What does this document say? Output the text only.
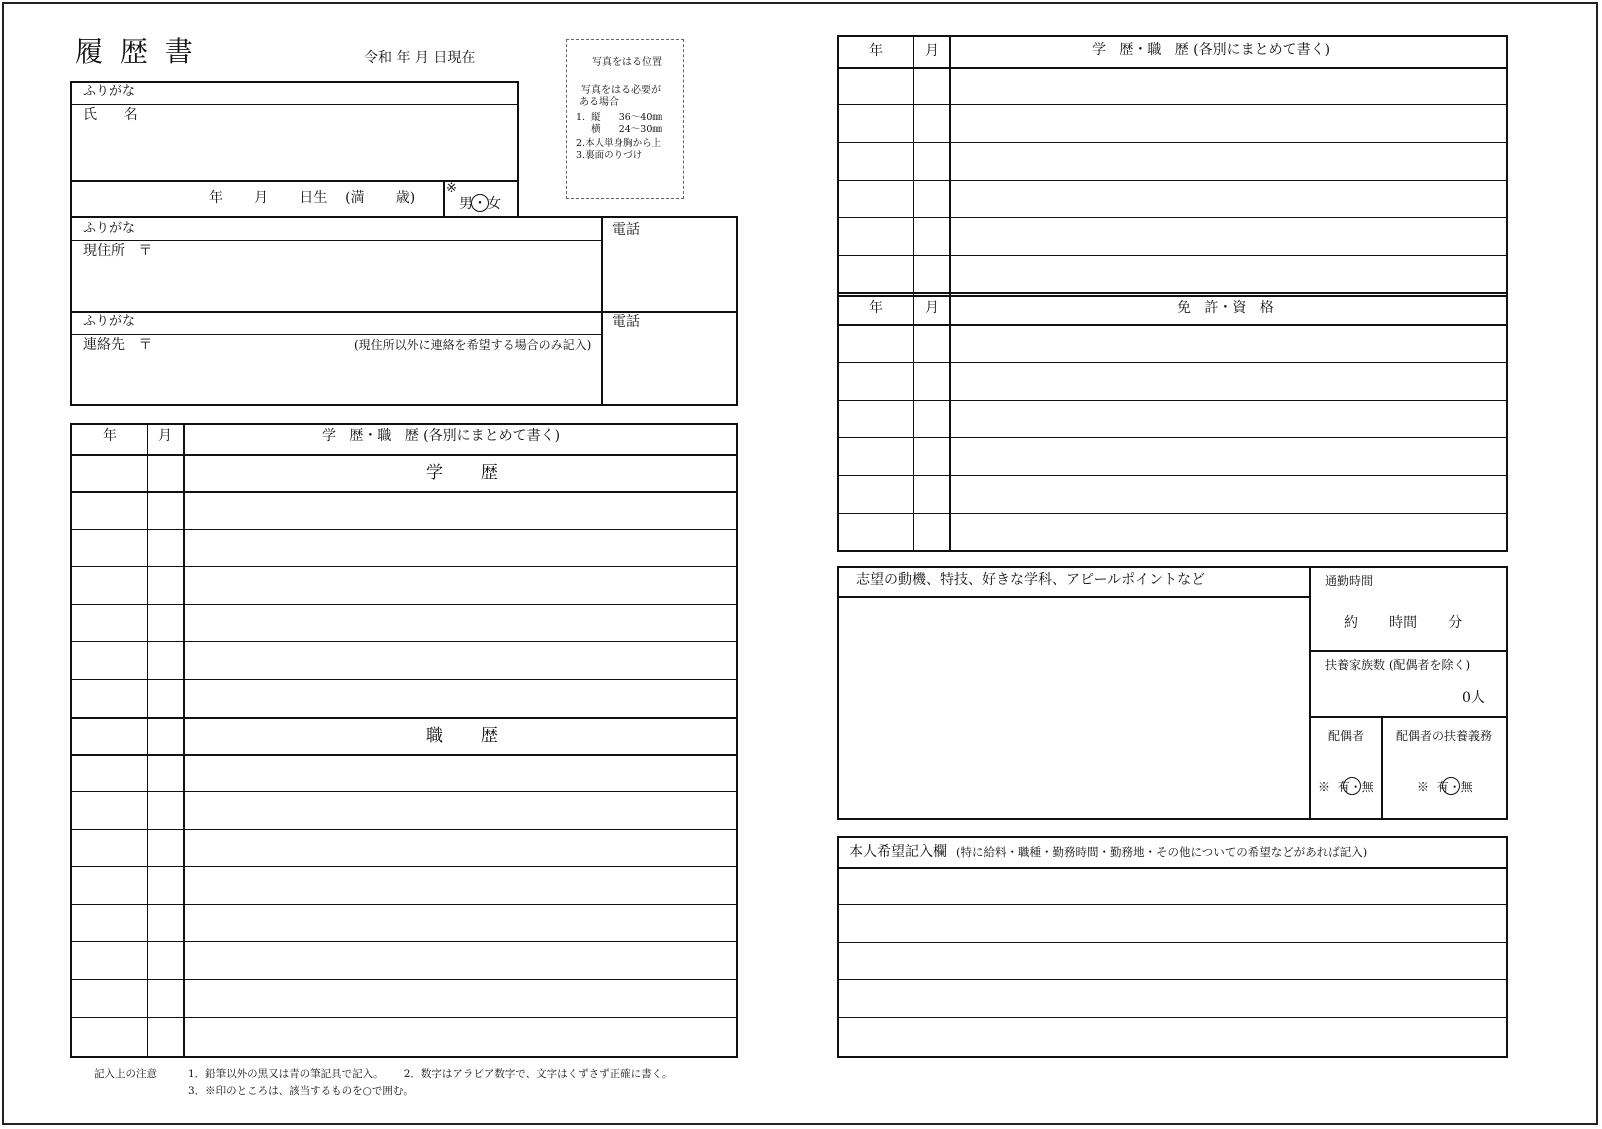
履 歴 書	令和 年 月 日現在	写真をはる位置
写真をはる必要が
ある場合
1.  縦      36～40㎜
横      24～30㎜
2.本人単身胸から上
3.裏面のりづけ
ふりがな
氏      名
年       月       日生    (満       歳)
※
男・女
ふりがな
現住所   〒
電話
ふりがな
連絡先   〒	(現住所以外に連絡を希望する場合のみ記入)
電話
年	月	学   歴・職   歴 (各別にまとめて書く)
学       歴
職       歴
記入上の注意	1．鉛筆以外の黒又は青の筆記具で記入。      2．数字はアラビア数字で、文字はくずさず正確に書く。
3．※印のところは、該当するものを○で囲む。
年	月	学   歴・職   歴 (各別にまとめて書く)
年	月	免   許・資   格
志望の動機、特技、好きな学科、アピールポイントなど	通勤時間
約       時間       分
扶養家族数 (配偶者を除く)
0人
配偶者
※  有・無
配偶者の扶養義務
※  有・無
本人希望記入欄 (特に給料・職種・勤務時間・勤務地・その他についての希望などがあれば記入)
